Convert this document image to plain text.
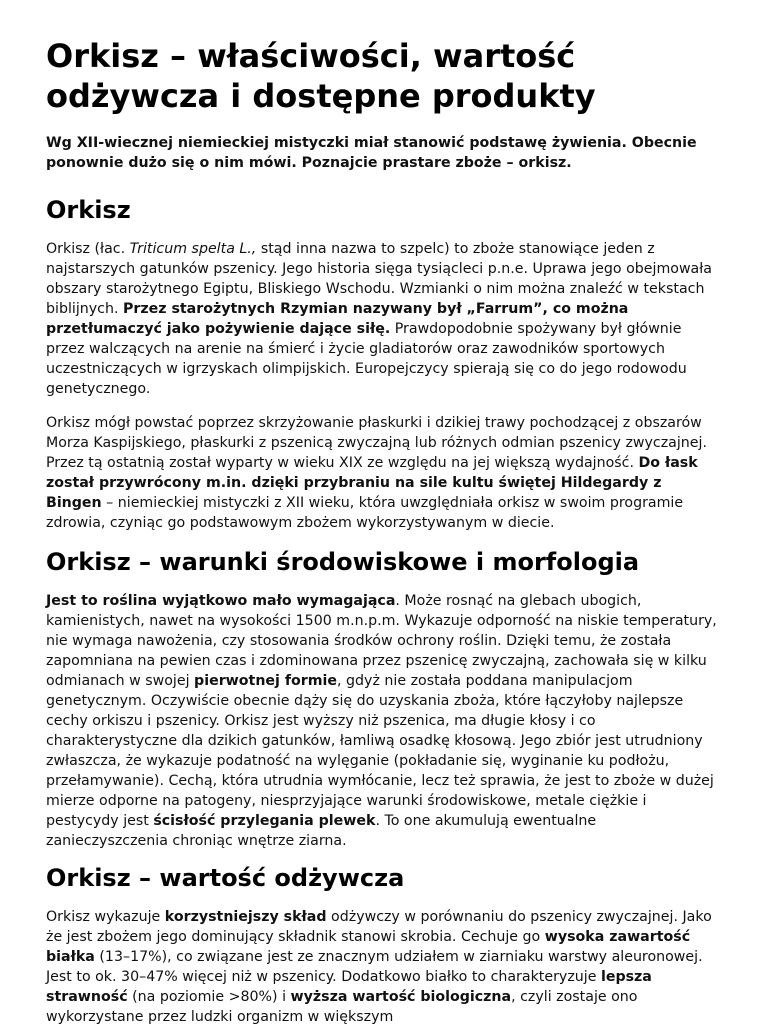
Orkisz – właściwości, wartość odżywcza i dostępne produkty

Wg XII-wiecznej niemieckiej mistyczki miał stanowić podstawę żywienia. Obecnie ponownie dużo się o nim mówi. Poznajcie prastare zboże – orkisz.

Orkisz

Orkisz (łac. Triticum spelta L., stąd inna nazwa to szpelc) to zboże stanowiące jeden z najstarszych gatunków pszenicy. Jego historia sięga tysiącleci p.n.e. Uprawa jego obejmowała obszary starożytnego Egiptu, Bliskiego Wschodu. Wzmianki o nim można znaleźć w tekstach biblijnych. Przez starożytnych Rzymian nazywany był „Farrum”, co można przetłumaczyć jako pożywienie dające siłę. Prawdopodobnie spożywany był głównie przez walczących na arenie na śmierć i życie gladiatorów oraz zawodników sportowych uczestniczących w igrzyskach olimpijskich. Europejczycy spierają się co do jego rodowodu genetycznego.

Orkisz mógł powstać poprzez skrzyżowanie płaskurki i dzikiej trawy pochodzącej z obszarów Morza Kaspijskiego, płaskurki z pszenicą zwyczajną lub różnych odmian pszenicy zwyczajnej. Przez tą ostatnią został wyparty w wieku XIX ze względu na jej większą wydajność. Do łask został przywrócony m.in. dzięki przybraniu na sile kultu świętej Hildegardy z Bingen – niemieckiej mistyczki z XII wieku, która uwzględniała orkisz w swoim programie zdrowia, czyniąc go podstawowym zbożem wykorzystywanym w diecie.

Orkisz – warunki środowiskowe i morfologia

Jest to roślina wyjątkowo mało wymagająca. Może rosnąć na glebach ubogich, kamienistych, nawet na wysokości 1500 m.n.p.m. Wykazuje odporność na niskie temperatury, nie wymaga nawożenia, czy stosowania środków ochrony roślin. Dzięki temu, że została zapomniana na pewien czas i zdominowana przez pszenicę zwyczajną, zachowała się w kilku odmianach w swojej pierwotnej formie, gdyż nie została poddana manipulacjom genetycznym. Oczywiście obecnie dąży się do uzyskania zboża, które łączyłoby najlepsze cechy orkiszu i pszenicy. Orkisz jest wyższy niż pszenica, ma długie kłosy i co charakterystyczne dla dzikich gatunków, łamliwą osadkę kłosową. Jego zbiór jest utrudniony zwłaszcza, że wykazuje podatność na wylęganie (pokładanie się, wyginanie ku podłożu, przełamywanie). Cechą, która utrudnia wymłócanie, lecz też sprawia, że jest to zboże w dużej mierze odporne na patogeny, niesprzyjające warunki środowiskowe, metale ciężkie i pestycydy jest ścisłość przylegania plewek. To one akumulują ewentualne zanieczyszczenia chroniąc wnętrze ziarna.

Orkisz – wartość odżywcza

Orkisz wykazuje korzystniejszy skład odżywczy w porównaniu do pszenicy zwyczajnej. Jako że jest zbożem jego dominujący składnik stanowi skrobia. Cechuje go wysoka zawartość białka (13–17%), co związane jest ze znacznym udziałem w ziarniaku warstwy aleuronowej. Jest to ok. 30–47% więcej niż w pszenicy. Dodatkowo białko to charakteryzuje lepsza strawność (na poziomie >80%) i wyższa wartość biologiczna, czyli zostaje ono wykorzystane przez ludzki organizm w większym
